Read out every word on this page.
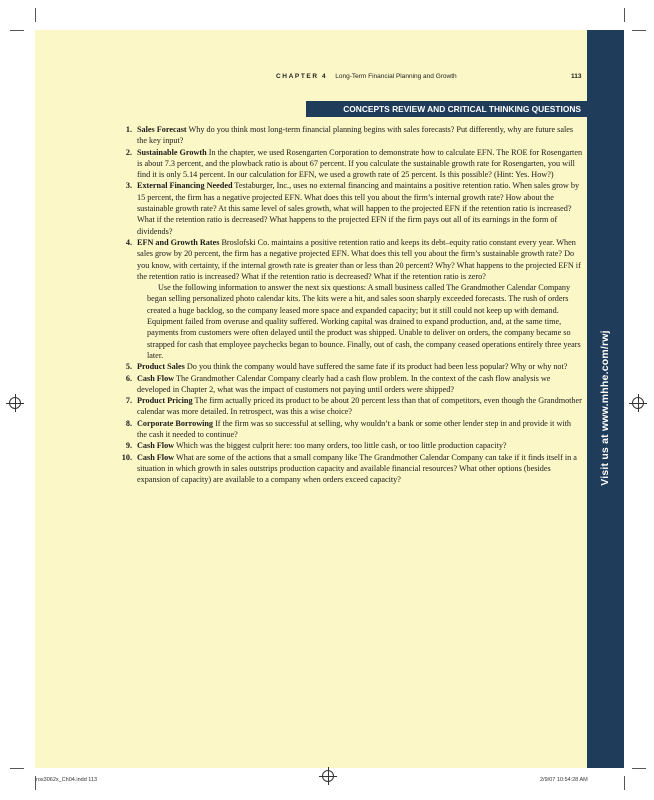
Visit us at www.mhhe.com/rwj
CHAPTER 4 Long-Term Financial Planning and Growth	113
CONCEPTS REVIEW AND CRITICAL THINKING QUESTIONS
1. Sales Forecast Why do you think most long-term financial planning begins with sales forecasts? Put differently, why are future sales the key input?
2. Sustainable Growth In the chapter, we used Rosengarten Corporation to demonstrate how to calculate EFN. The ROE for Rosengarten is about 7.3 percent, and the plowback ratio is about 67 percent. If you calculate the sustainable growth rate for Rosengarten, you will find it is only 5.14 percent. In our calculation for EFN, we used a growth rate of 25 percent. Is this possible? (Hint: Yes. How?)
3. External Financing Needed Testaburger, Inc., uses no external financing and maintains a positive retention ratio. When sales grow by 15 percent, the firm has a negative projected EFN. What does this tell you about the firm’s internal growth rate? How about the sustainable growth rate? At this same level of sales growth, what will happen to the projected EFN if the retention ratio is increased? What if the retention ratio is decreased? What happens to the projected EFN if the firm pays out all of its earnings in the form of dividends?
4. EFN and Growth Rates Broslofski Co. maintains a positive retention ratio and keeps its debt–equity ratio constant every year. When sales grow by 20 percent, the firm has a negative projected EFN. What does this tell you about the firm’s sustainable growth rate? Do you know, with certainty, if the internal growth rate is greater than or less than 20 percent? Why? What happens to the projected EFN if the retention ratio is increased? What if the retention ratio is decreased? What if the retention ratio is zero?
Use the following information to answer the next six questions: A small business called The Grandmother Calendar Company began selling personalized photo calendar kits. The kits were a hit, and sales soon sharply exceeded forecasts. The rush of orders created a huge backlog, so the company leased more space and expanded capacity; but it still could not keep up with demand. Equipment failed from overuse and quality suffered. Working capital was drained to expand production, and, at the same time, payments from customers were often delayed until the product was shipped. Unable to deliver on orders, the company became so strapped for cash that employee paychecks began to bounce. Finally, out of cash, the company ceased operations entirely three years later.
5. Product Sales Do you think the company would have suffered the same fate if its product had been less popular? Why or why not?
6. Cash Flow The Grandmother Calendar Company clearly had a cash flow problem. In the context of the cash flow analysis we developed in Chapter 2, what was the impact of customers not paying until orders were shipped?
7. Product Pricing The firm actually priced its product to be about 20 percent less than that of competitors, even though the Grandmother calendar was more detailed. In retrospect, was this a wise choice?
8. Corporate Borrowing If the firm was so successful at selling, why wouldn’t a bank or some other lender step in and provide it with the cash it needed to continue?
9. Cash Flow Which was the biggest culprit here: too many orders, too little cash, or too little production capacity?
10. Cash Flow What are some of the actions that a small company like The Grandmother Calendar Company can take if it finds itself in a situation in which growth in sales outstrips production capacity and available financial resources? What other options (besides expansion of capacity) are available to a company when orders exceed capacity?
ros3062x_Ch04.indd 113	2/9/07 10:54:28 AM
